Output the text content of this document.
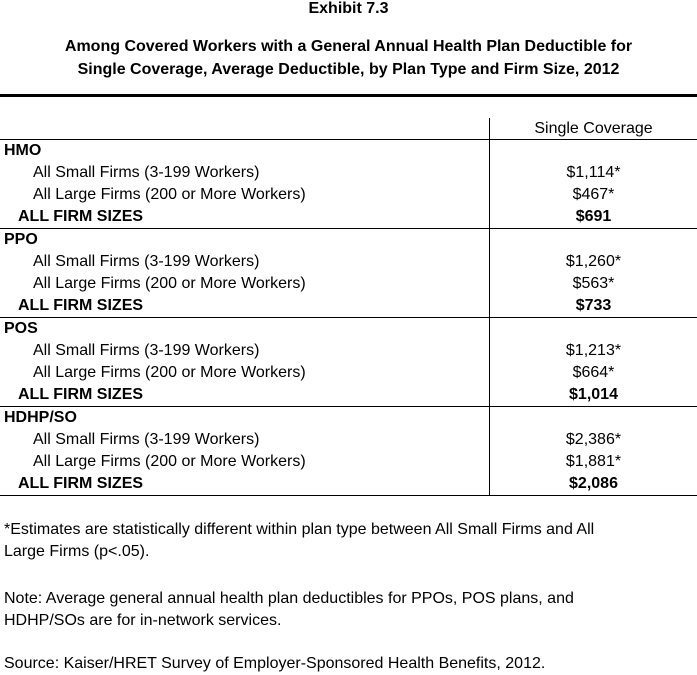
Exhibit 7.3
Among Covered Workers with a General Annual Health Plan Deductible for
Single Coverage, Average Deductible, by Plan Type and Firm Size, 2012
Single Coverage
HMO
All Small Firms (3-199 Workers)	$1,114*
All Large Firms (200 or More Workers)	$467*
ALL FIRM SIZES	$691
PPO
All Small Firms (3-199 Workers)	$1,260*
All Large Firms (200 or More Workers)	$563*
ALL FIRM SIZES	$733
POS
All Small Firms (3-199 Workers)	$1,213*
All Large Firms (200 or More Workers)	$664*
ALL FIRM SIZES	$1,014
HDHP/SO
All Small Firms (3-199 Workers)	$2,386*
All Large Firms (200 or More Workers)	$1,881*
ALL FIRM SIZES	$2,086
*Estimates are statistically different within plan type between All Small Firms and All
Large Firms (p<.05).
Note: Average general annual health plan deductibles for PPOs, POS plans, and
HDHP/SOs are for in-network services.
Source: Kaiser/HRET Survey of Employer-Sponsored Health Benefits, 2012.
